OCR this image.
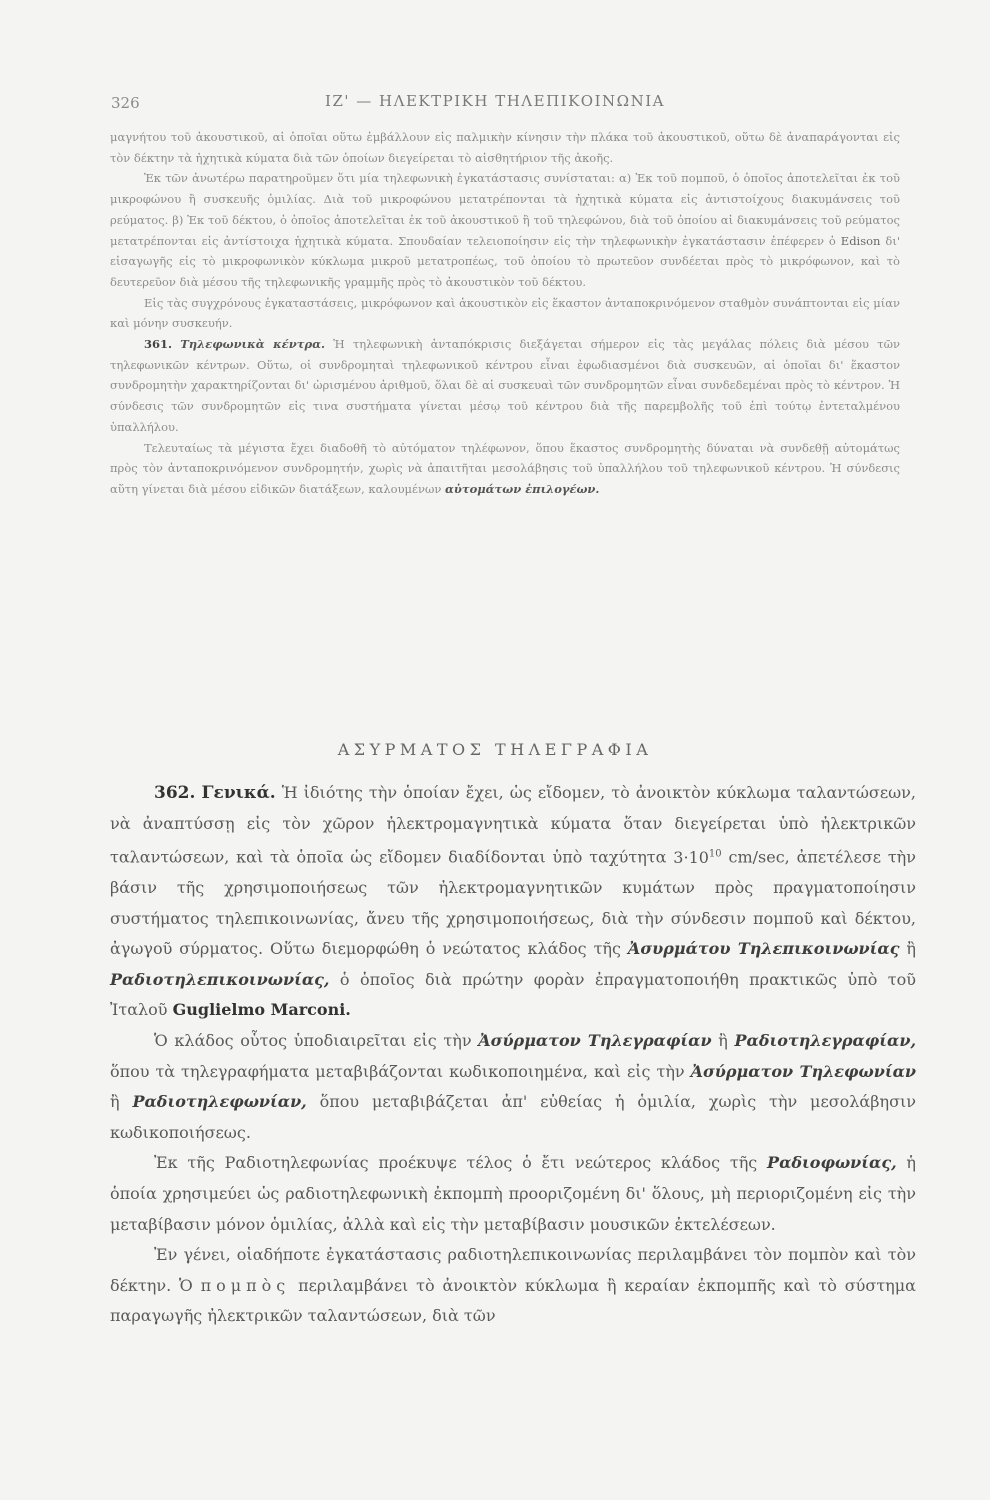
326	ΙΖ' — ΗΛΕΚΤΡΙΚΗ ΤΗΛΕΠΙΚΟΙΝΩΝΙΑ

μαγνήτου τοῦ ἀκουστικοῦ, αἱ ὁποῖαι οὕτω ἐμβάλλουν εἰς παλμικὴν κίνησιν τὴν πλάκα τοῦ ἀκουστικοῦ, οὕτω δὲ ἀναπαράγονται εἰς τὸν δέκτην τὰ ἠχητικὰ κύματα διὰ τῶν ὁποίων διεγείρεται τὸ αἰσθητήριον τῆς ἀκοῆς.

Ἐκ τῶν ἀνωτέρω παρατηροῦμεν ὅτι μία τηλεφωνικὴ ἐγκατάστασις συνίσταται: α) Ἐκ τοῦ πομποῦ, ὁ ὁποῖος ἀποτελεῖται ἐκ τοῦ μικροφώνου ἢ συσκευῆς ὁμιλίας. Διὰ τοῦ μικροφώνου μετατρέπονται τὰ ἠχητικὰ κύματα εἰς ἀντιστοίχους διακυμάνσεις τοῦ ρεύματος. β) Ἐκ τοῦ δέκτου, ὁ ὁποῖος ἀποτελεῖται ἐκ τοῦ ἀκουστικοῦ ἢ τοῦ τηλεφώνου, διὰ τοῦ ὁποίου αἱ διακυμάνσεις τοῦ ρεύματος μετατρέπονται εἰς ἀντίστοιχα ἠχητικὰ κύματα. Σπουδαίαν τελειοποίησιν εἰς τὴν τηλεφωνικὴν ἐγκατάστασιν ἐπέφερεν ὁ Edison δι' εἰσαγωγῆς εἰς τὸ μικροφωνικὸν κύκλωμα μικροῦ μετατροπέως, τοῦ ὁποίου τὸ πρωτεῦον συνδέεται πρὸς τὸ μικρόφωνον, καὶ τὸ δευτερεῦον διὰ μέσου τῆς τηλεφωνικῆς γραμμῆς πρὸς τὸ ἀκουστικὸν τοῦ δέκτου.

Εἰς τὰς συγχρόνους ἐγκαταστάσεις, μικρόφωνον καὶ ἀκουστικὸν εἰς ἕκαστον ἀνταποκρινόμενον σταθμὸν συνάπτονται εἰς μίαν καὶ μόνην συσκευήν.

361. Τηλεφωνικὰ κέντρα. Ἡ τηλεφωνικὴ ἀνταπόκρισις διεξάγεται σήμερον εἰς τὰς μεγάλας πόλεις διὰ μέσου τῶν τηλεφωνικῶν κέντρων. Οὕτω, οἱ συνδρομηταὶ τηλεφωνικοῦ κέντρου εἶναι ἐφωδιασμένοι διὰ συσκευῶν, αἱ ὁποῖαι δι' ἕκαστον συνδρομητὴν χαρακτηρίζονται δι' ὡρισμένου ἀριθμοῦ, ὅλαι δὲ αἱ συσκευαὶ τῶν συνδρομητῶν εἶναι συνδεδεμέναι πρὸς τὸ κέντρον. Ἡ σύνδεσις τῶν συνδρομητῶν εἰς τινα συστήματα γίνεται μέσῳ τοῦ κέντρου διὰ τῆς παρεμβολῆς τοῦ ἐπὶ τούτῳ ἐντεταλμένου ὑπαλλήλου.

Τελευταίως τὰ μέγιστα ἔχει διαδοθῆ τὸ αὐτόματον τηλέφωνον, ὅπου ἕκαστος συνδρομητὴς δύναται νὰ συνδεθῇ αὐτομάτως πρὸς τὸν ἀνταποκρινόμενον συνδρομητήν, χωρὶς νὰ ἀπαιτῆται μεσολάβησις τοῦ ὑπαλλήλου τοῦ τηλεφωνικοῦ κέντρου. Ἡ σύνδεσις αὕτη γίνεται διὰ μέσου εἰδικῶν διατάξεων, καλουμένων αὐτομάτων ἐπιλογέων.

ΑΣΥΡΜΑΤΟΣ ΤΗΛΕΓΡΑΦΙΑ

362. Γενικά. Ἡ ἰδιότης τὴν ὁποίαν ἔχει, ὡς εἴδομεν, τὸ ἀνοικτὸν κύκλωμα ταλαντώσεων, νὰ ἀναπτύσσῃ εἰς τὸν χῶρον ἠλεκτρομαγνητικὰ κύματα ὅταν διεγείρεται ὑπὸ ἠλεκτρικῶν ταλαντώσεων, καὶ τὰ ὁποῖα ὡς εἴδομεν διαδίδονται ὑπὸ ταχύτητα $3\cdot 10^{10}$ cm/sec, ἀπετέλεσε τὴν βάσιν τῆς χρησιμοποιήσεως τῶν ἠλεκτρομαγνητικῶν κυμάτων πρὸς πραγματοποίησιν συστήματος τηλεπικοινωνίας, ἄνευ τῆς χρησιμοποιήσεως, διὰ τὴν σύνδεσιν πομποῦ καὶ δέκτου, ἀγωγοῦ σύρματος. Οὕτω διεμορφώθη ὁ νεώτατος κλάδος τῆς Ἀσυρμάτου Τηλεπικοινωνίας ἢ Ραδιοτηλεπικοινωνίας, ὁ ὁποῖος διὰ πρώτην φορὰν ἐπραγματοποιήθη πρακτικῶς ὑπὸ τοῦ Ἰταλοῦ Guglielmo Marconi.

Ὁ κλάδος οὗτος ὑποδιαιρεῖται εἰς τὴν Ἀσύρματον Τηλεγραφίαν ἢ Ραδιοτηλεγραφίαν, ὅπου τὰ τηλεγραφήματα μεταβιβάζονται κωδικοποιημένα, καὶ εἰς τὴν Ἀσύρματον Τηλεφωνίαν ἢ Ραδιοτηλεφωνίαν, ὅπου μεταβιβάζεται ἀπ' εὐθείας ἡ ὁμιλία, χωρὶς τὴν μεσολάβησιν κωδικοποιήσεως.

Ἐκ τῆς Ραδιοτηλεφωνίας προέκυψε τέλος ὁ ἔτι νεώτερος κλάδος τῆς Ραδιοφωνίας, ἡ ὁποία χρησιμεύει ὡς ραδιοτηλεφωνικὴ ἐκπομπὴ προοριζομένη δι' ὅλους, μὴ περιοριζομένη εἰς τὴν μεταβίβασιν μόνον ὁμιλίας, ἀλλὰ καὶ εἰς τὴν μεταβίβασιν μουσικῶν ἐκτελέσεων.

Ἐν γένει, οἱαδήποτε ἐγκατάστασις ραδιοτηλεπικοινωνίας περιλαμβάνει τὸν πομπὸν καὶ τὸν δέκτην. Ὁ πομπὸς περιλαμβάνει τὸ ἀνοικτὸν κύκλωμα ἢ κεραίαν ἐκπομπῆς καὶ τὸ σύστημα παραγωγῆς ἠλεκτρικῶν ταλαντώσεων, διὰ τῶν
